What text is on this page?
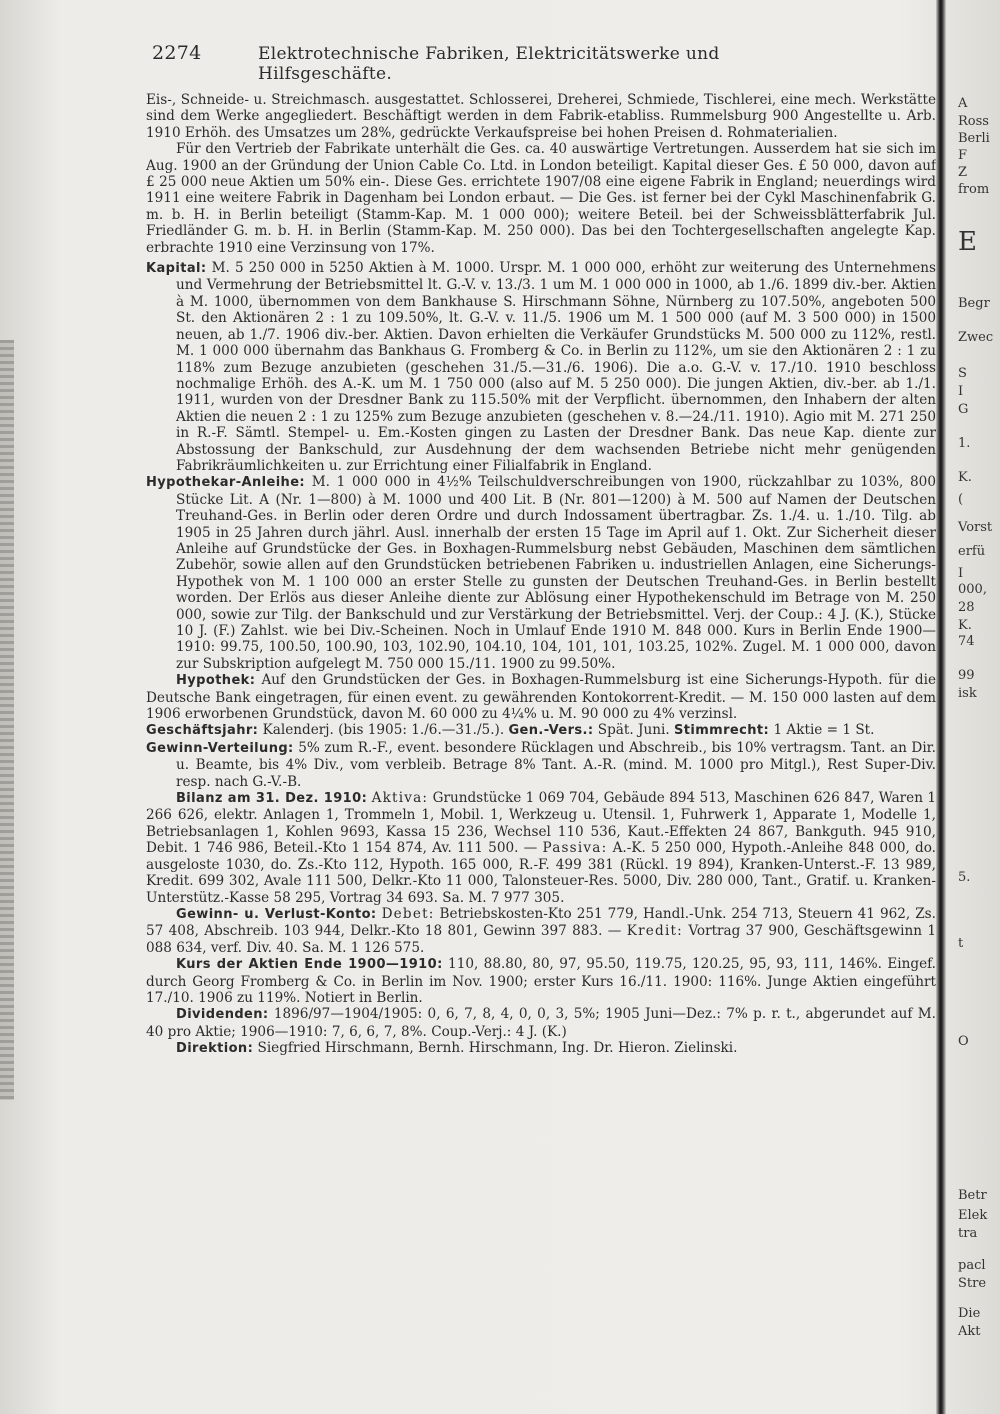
2274	Elektrotechnische Fabriken, Elektricitätswerke und Hilfsgeschäfte.

Eis-, Schneide- u. Streichmasch. ausgestattet. Schlosserei, Dreherei, Schmiede, Tischlerei, eine mech. Werkstätte sind dem Werke angegliedert. Beschäftigt werden in dem Fabrik-etabliss. Rummelsburg 900 Angestellte u. Arb. 1910 Erhöh. des Umsatzes um 28%, gedrückte Verkaufspreise bei hohen Preisen d. Rohmaterialien.

Für den Vertrieb der Fabrikate unterhält die Ges. ca. 40 auswärtige Vertretungen. Ausserdem hat sie sich im Aug. 1900 an der Gründung der Union Cable Co. Ltd. in London beteiligt. Kapital dieser Ges. £ 50 000, davon auf £ 25 000 neue Aktien um 50% ein-. Diese Ges. errichtete 1907/08 eine eigene Fabrik in England; neuerdings wird 1911 eine weitere Fabrik in Dagenham bei London erbaut. — Die Ges. ist ferner bei der Cykl Maschinenfabrik G. m. b. H. in Berlin beteiligt (Stamm-Kap. M. 1 000 000); weitere Beteil. bei der Schweissblätterfabrik Jul. Friedländer G. m. b. H. in Berlin (Stamm-Kap. M. 250 000). Das bei den Tochtergesellschaften angelegte Kap. erbrachte 1910 eine Verzinsung von 17%.

Kapital: M. 5 250 000 in 5250 Aktien à M. 1000. Urspr. M. 1 000 000, erhöht zur weiterung des Unternehmens und Vermehrung der Betriebsmittel lt. G.-V. v. 13./3. 1 um M. 1 000 000 in 1000, ab 1./6. 1899 div.-ber. Aktien à M. 1000, übernommen von dem Bankhause S. Hirschmann Söhne, Nürnberg zu 107.50%, angeboten 500 St. den Aktionären 2 : 1 zu 109.50%, lt. G.-V. v. 11./5. 1906 um M. 1 500 000 (auf M. 3 500 000) in 1500 neuen, ab 1./7. 1906 div.-ber. Aktien. Davon erhielten die Verkäufer Grundstücks M. 500 000 zu 112%, restl. M. 1 000 000 übernahm das Bankhaus G. Fromberg & Co. in Berlin zu 112%, um sie den Aktionären 2 : 1 zu 118% zum Bezuge anzubieten (geschehen 31./5.—31./6. 1906). Die a.o. G.-V. v. 17./10. 1910 beschloss nochmalige Erhöh. des A.-K. um M. 1 750 000 (also auf M. 5 250 000). Die jungen Aktien, div.-ber. ab 1./1. 1911, wurden von der Dresdner Bank zu 115.50% mit der Verpflicht. übernommen, den Inhabern der alten Aktien die neuen 2 : 1 zu 125% zum Bezuge anzubieten (geschehen v. 8.—24./11. 1910). Agio mit M. 271 250 in R.-F. Sämtl. Stempel- u. Em.-Kosten gingen zu Lasten der Dresdner Bank. Das neue Kap. diente zur Abstossung der Bankschuld, zur Ausdehnung der dem wachsenden Betriebe nicht mehr genügenden Fabrikräumlichkeiten u. zur Errichtung einer Filialfabrik in England.

Hypothekar-Anleihe: M. 1 000 000 in 4½% Teilschuldverschreibungen von 1900, rückzahlbar zu 103%, 800 Stücke Lit. A (Nr. 1—800) à M. 1000 und 400 Lit. B (Nr. 801—1200) à M. 500 auf Namen der Deutschen Treuhand-Ges. in Berlin oder deren Ordre und durch Indossament übertragbar. Zs. 1./4. u. 1./10. Tilg. ab 1905 in 25 Jahren durch jährl. Ausl. innerhalb der ersten 15 Tage im April auf 1. Okt. Zur Sicherheit dieser Anleihe auf Grundstücke der Ges. in Boxhagen-Rummelsburg nebst Gebäuden, Maschinen dem sämtlichen Zubehör, sowie allen auf den Grundstücken betriebenen Fabriken u. industriellen Anlagen, eine Sicherungs-Hypothek von M. 1 100 000 an erster Stelle zu gunsten der Deutschen Treuhand-Ges. in Berlin bestellt worden. Der Erlös aus dieser Anleihe diente zur Ablösung einer Hypothekenschuld im Betrage von M. 250 000, sowie zur Tilg. der Bankschuld und zur Verstärkung der Betriebsmittel. Verj. der Coup.: 4 J. (K.), Stücke 10 J. (F.) Zahlst. wie bei Div.-Scheinen. Noch in Umlauf Ende 1910 M. 848 000. Kurs in Berlin Ende 1900—1910: 99.75, 100.50, 100.90, 103, 102.90, 104.10, 104, 101, 101, 103.25, 102%. Zugel. M. 1 000 000, davon zur Subskription aufgelegt M. 750 000 15./11. 1900 zu 99.50%.

Hypothek: Auf den Grundstücken der Ges. in Boxhagen-Rummelsburg ist eine Sicherungs-Hypoth. für die Deutsche Bank eingetragen, für einen event. zu gewährenden Kontokorrent-Kredit. — M. 150 000 lasten auf dem 1906 erworbenen Grundstück, davon M. 60 000 zu 4¼% u. M. 90 000 zu 4% verzinsl.

Geschäftsjahr: Kalenderj. (bis 1905: 1./6.—31./5.). Gen.-Vers.: Spät. Juni. Stimmrecht: 1 Aktie = 1 St.

Gewinn-Verteilung: 5% zum R.-F., event. besondere Rücklagen und Abschreib., bis 10% vertragsm. Tant. an Dir. u. Beamte, bis 4% Div., vom verbleib. Betrage 8% Tant. A.-R. (mind. M. 1000 pro Mitgl.), Rest Super-Div. resp. nach G.-V.-B.

Bilanz am 31. Dez. 1910: Aktiva: Grundstücke 1 069 704, Gebäude 894 513, Maschinen 626 847, Waren 1 266 626, elektr. Anlagen 1, Trommeln 1, Mobil. 1, Werkzeug u. Utensil. 1, Fuhrwerk 1, Apparate 1, Modelle 1, Betriebsanlagen 1, Kohlen 9693, Kassa 15 236, Wechsel 110 536, Kaut.-Effekten 24 867, Bankguth. 945 910, Debit. 1 746 986, Beteil.-Kto 1 154 874, Av. 111 500. — Passiva: A.-K. 5 250 000, Hypoth.-Anleihe 848 000, do. ausgeloste 1030, do. Zs.-Kto 112, Hypoth. 165 000, R.-F. 499 381 (Rückl. 19 894), Kranken-Unterst.-F. 13 989, Kredit. 699 302, Avale 111 500, Delkr.-Kto 11 000, Talonsteuer-Res. 5000, Div. 280 000, Tant., Gratif. u. Kranken-Unterstütz.-Kasse 58 295, Vortrag 34 693. Sa. M. 7 977 305.

Gewinn- u. Verlust-Konto: Debet: Betriebskosten-Kto 251 779, Handl.-Unk. 254 713, Steuern 41 962, Zs. 57 408, Abschreib. 103 944, Delkr.-Kto 18 801, Gewinn 397 883. — Kredit: Vortrag 37 900, Geschäftsgewinn 1 088 634, verf. Div. 40. Sa. M. 1 126 575.

Kurs der Aktien Ende 1900—1910: 110, 88.80, 80, 97, 95.50, 119.75, 120.25, 95, 93, 111, 146%. Eingef. durch Georg Fromberg & Co. in Berlin im Nov. 1900; erster Kurs 16./11. 1900: 116%. Junge Aktien eingeführt 17./10. 1906 zu 119%. Notiert in Berlin.

Dividenden: 1896/97—1904/1905: 0, 6, 7, 8, 4, 0, 0, 3, 5%; 1905 Juni—Dez.: 7% p. r. t., abgerundet auf M. 40 pro Aktie; 1906—1910: 7, 6, 6, 7, 8%. Coup.-Verj.: 4 J. (K.)

Direktion: Siegfried Hirschmann, Bernh. Hirschmann, Ing. Dr. Hieron. Zielinski.

A
Ross
Berli
F
Z
from
E
Begr
Zwec
S
I
G
1.
K.
(
Vorst
erfü
I
000,
28
K.
74
99
isk
5.
t
O
Betr
Elek
tra
pacl
Stre
Die
Akt
